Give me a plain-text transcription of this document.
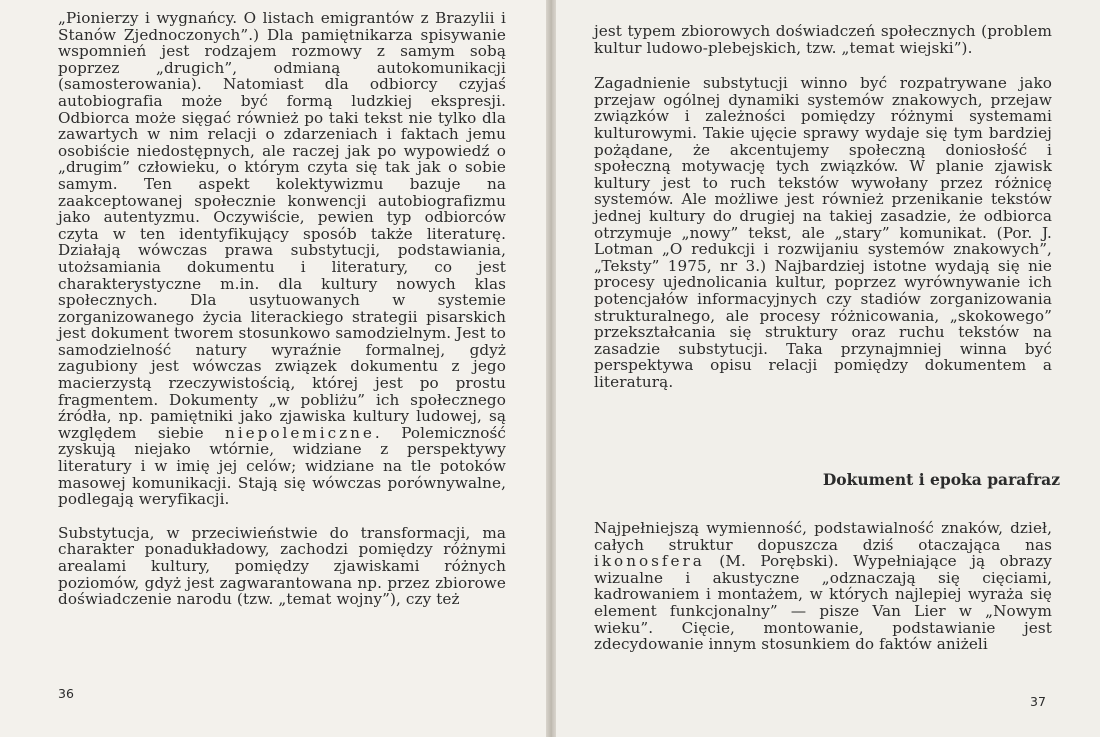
„Pionierzy i wygnańcy. O listach emigrantów z Brazylii i Stanów Zjednoczonych”.) Dla pamiętnikarza spisywanie wspomnień jest rodzajem rozmowy z samym sobą poprzez „drugich”, odmianą autokomunikacji (samosterowania). Natomiast dla odbiorcy czyjaś autobiografia może być formą ludzkiej ekspresji. Odbiorca może sięgać również po taki tekst nie tylko dla zawartych w nim relacji o zdarzeniach i faktach jemu osobiście niedostępnych, ale raczej jak po wypowiedź o „drugim” człowieku, o którym czyta się tak jak o sobie samym. Ten aspekt kolektywizmu bazuje na zaakceptowanej społecznie konwencji autobiografizmu jako autentyzmu. Oczywiście, pewien typ odbiorców czyta w ten identyfikujący sposób także literaturę. Działają wówczas prawa substytucji, podstawiania, utożsamiania dokumentu i literatury, co jest charakterystyczne m.in. dla kultury nowych klas społecznych. Dla usytuowanych w systemie zorganizowanego życia literackiego strategii pisarskich jest dokument tworem stosunkowo samodzielnym. Jest to samodzielność natury wyraźnie formalnej, gdyż zagubiony jest wówczas związek dokumentu z jego macierzystą rzeczywistością, której jest po prostu fragmentem. Dokumenty „w pobliżu” ich społecznego źródła, np. pamiętniki jako zjawiska kultury ludowej, są względem siebie niepolemiczne. Polemiczność zyskują niejako wtórnie, widziane z perspektywy literatury i w imię jej celów; widziane na tle potoków masowej komunikacji. Stają się wówczas porównywalne, podlegają weryfikacji.

Substytucja, w przeciwieństwie do transformacji, ma charakter ponadukładowy, zachodzi pomiędzy różnymi arealami kultury, pomiędzy zjawiskami różnych poziomów, gdyż jest zagwarantowana np. przez zbiorowe doświadczenie narodu (tzw. „temat wojny”), czy też

36

jest typem zbiorowych doświadczeń społecznych (problem kultur ludowo-plebejskich, tzw. „temat wiejski”).

Zagadnienie substytucji winno być rozpatrywane jako przejaw ogólnej dynamiki systemów znakowych, przejaw związków i zależności pomiędzy różnymi systemami kulturowymi. Takie ujęcie sprawy wydaje się tym bardziej pożądane, że akcentujemy społeczną doniosłość i społeczną motywację tych związków. W planie zjawisk kultury jest to ruch tekstów wywołany przez różnicę systemów. Ale możliwe jest również przenikanie tekstów jednej kultury do drugiej na takiej zasadzie, że odbiorca otrzymuje „nowy” tekst, ale „stary” komunikat. (Por. J. Lotman „O redukcji i rozwijaniu systemów znakowych”, „Teksty” 1975, nr 3.) Najbardziej istotne wydają się nie procesy ujednolicania kultur, poprzez wyrównywanie ich potencjałów informacyjnych czy stadiów zorganizowania strukturalnego, ale procesy różnicowania, „skokowego” przekształcania się struktury oraz ruchu tekstów na zasadzie substytucji. Taka przynajmniej winna być perspektywa opisu relacji pomiędzy dokumentem a literaturą.

Dokument i epoka parafraz

Najpełniejszą wymienność, podstawialność znaków, dzieł, całych struktur dopuszcza dziś otaczająca nas ikonosfera (M. Porębski). Wypełniające ją obrazy wizualne i akustyczne „odznaczają się cięciami, kadrowaniem i montażem, w których najlepiej wyraża się element funkcjonalny” — pisze Van Lier w „Nowym wieku”. Cięcie, montowanie, podstawianie jest zdecydowanie innym stosunkiem do faktów aniżeli

37
